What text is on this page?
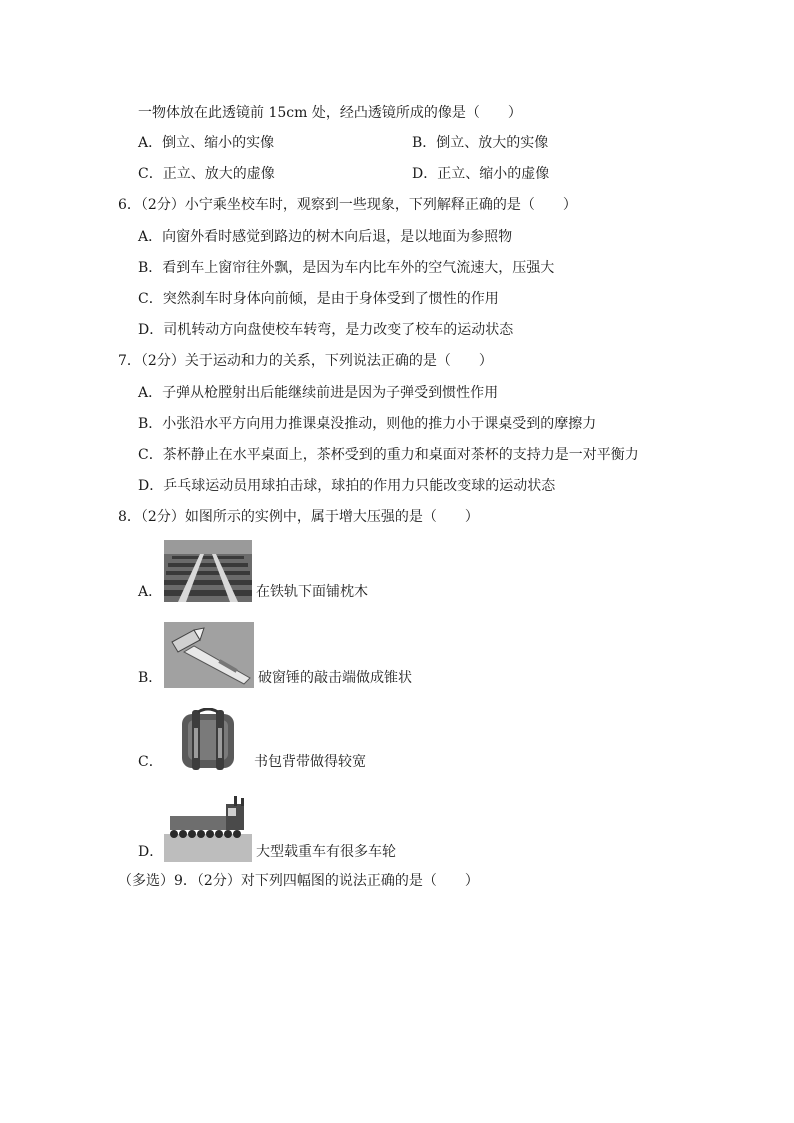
一物体放在此透镜前 15cm 处，经凸透镜所成的像是（　　）
A．倒立、缩小的实像	B．倒立、放大的实像
C．正立、放大的虚像	D．正立、缩小的虚像
6．（2分）小宁乘坐校车时，观察到一些现象，下列解释正确的是（　　）
A．向窗外看时感觉到路边的树木向后退，是以地面为参照物
B．看到车上窗帘往外飘，是因为车内比车外的空气流速大，压强大
C．突然刹车时身体向前倾，是由于身体受到了惯性的作用
D．司机转动方向盘使校车转弯，是力改变了校车的运动状态
7．（2分）关于运动和力的关系，下列说法正确的是（　　）
A．子弹从枪膛射出后能继续前进是因为子弹受到惯性作用
B．小张沿水平方向用力推课桌没推动，则他的推力小于课桌受到的摩擦力
C．茶杯静止在水平桌面上，茶杯受到的重力和桌面对茶杯的支持力是一对平衡力
D．乒乓球运动员用球拍击球，球拍的作用力只能改变球的运动状态
8．（2分）如图所示的实例中，属于增大压强的是（　　）
A．	在铁轨下面铺枕木
B．	破窗锤的敲击端做成锥状
C．	书包背带做得较宽
D．	大型载重车有很多车轮
（多选）9．（2分）对下列四幅图的说法正确的是（　　）
